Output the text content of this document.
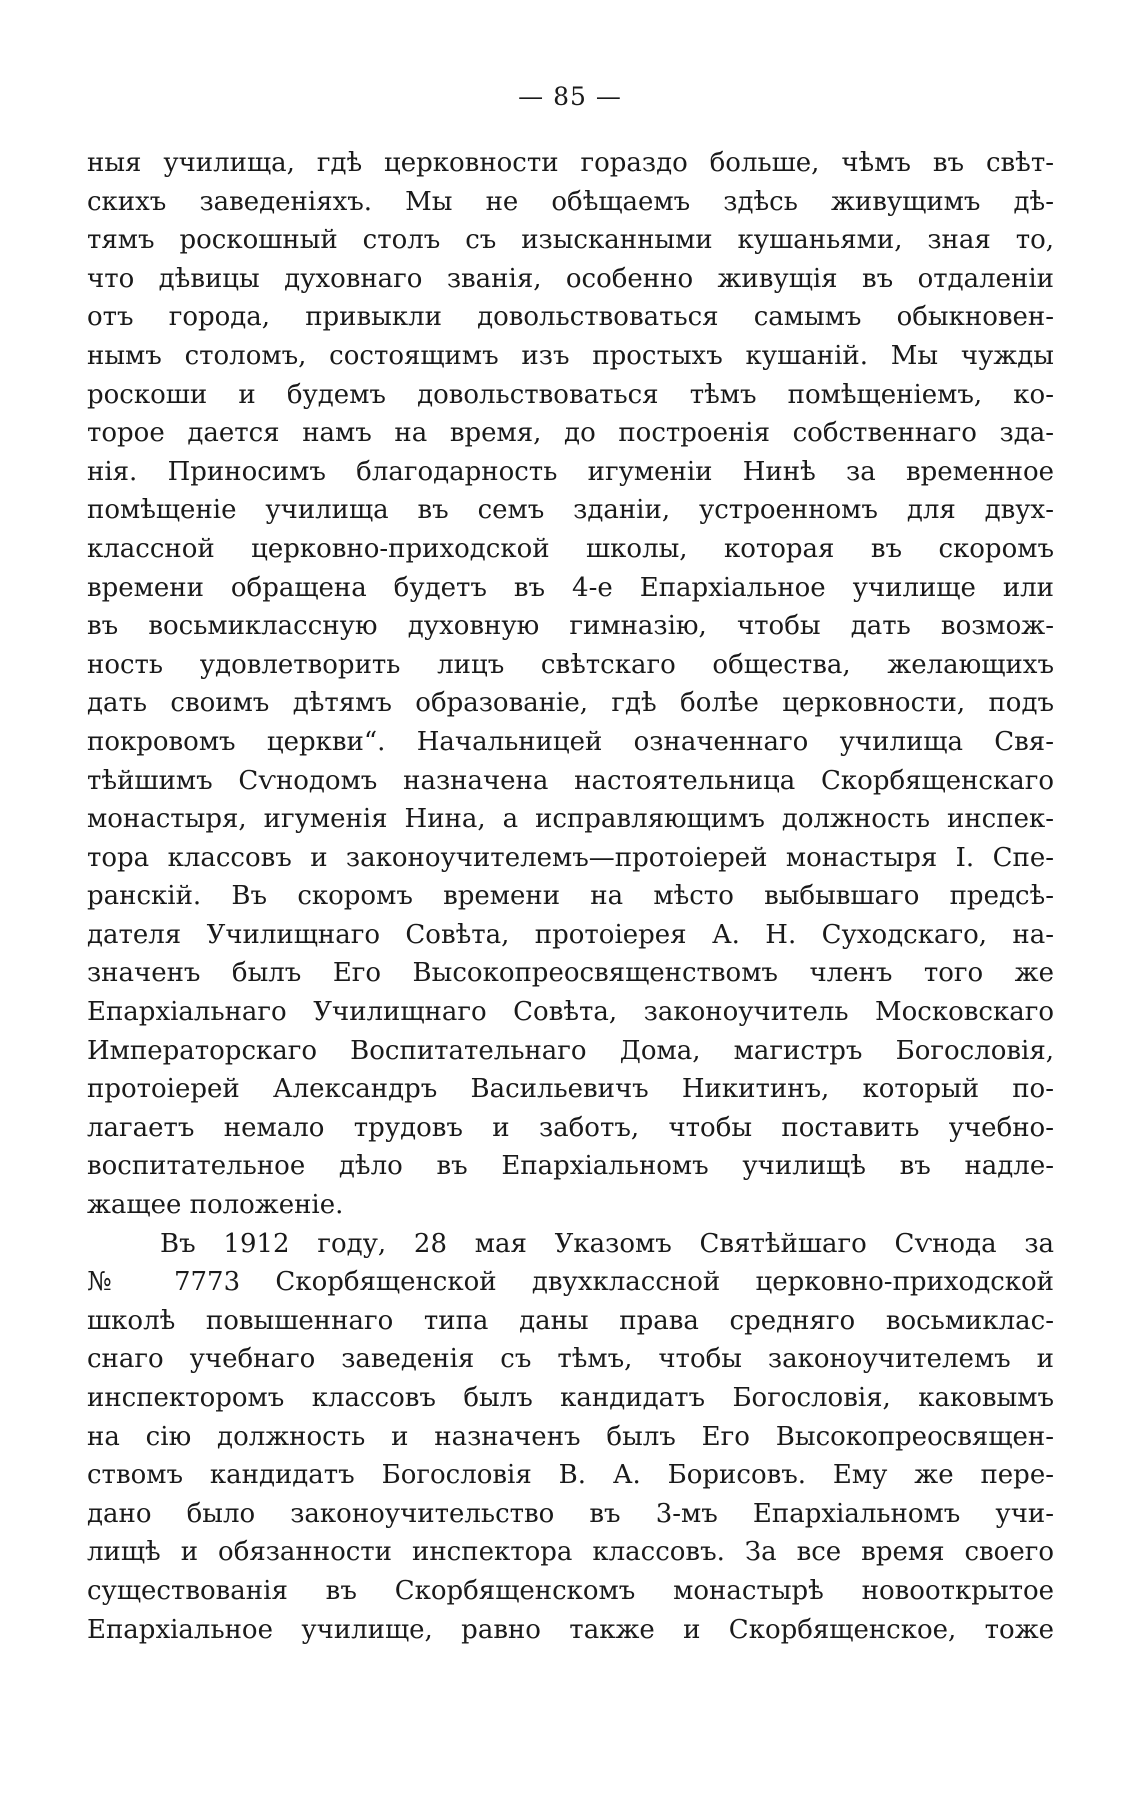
— 85 —
ныя училища, гдѣ церковности гораздо больше, чѣмъ въ свѣт-
скихъ заведеніяхъ. Мы не обѣщаемъ здѣсь живущимъ дѣ-
тямъ роскошный столъ съ изысканными кушаньями, зная то,
что дѣвицы духовнаго званія, особенно живущія въ отдаленіи
отъ города, привыкли довольствоваться самымъ обыкновен-
нымъ столомъ, состоящимъ изъ простыхъ кушаній. Мы чужды
роскоши и будемъ довольствоваться тѣмъ помѣщеніемъ, ко-
торое дается намъ на время, до построенія собственнаго зда-
нія. Приносимъ благодарность игуменіи Нинѣ за временное
помѣщеніе училища въ семъ зданіи, устроенномъ для двух-
классной церковно-приходской школы, которая въ скоромъ
времени обращена будетъ въ 4-е Епархіальное училище или
въ восьмиклассную духовную гимназію, чтобы дать возмож-
ность удовлетворить лицъ свѣтскаго общества, желающихъ
дать своимъ дѣтямъ образованіе, гдѣ болѣе церковности, подъ
покровомъ церкви“. Начальницей означеннаго училища Свя-
тѣйшимъ Сѵнодомъ назначена настоятельница Скорбященскаго
монастыря, игуменія Нина, а исправляющимъ должность инспек-
тора классовъ и законоучителемъ—протоіерей монастыря І. Спе-
ранскій. Въ скоромъ времени на мѣсто выбывшаго предсѣ-
дателя Училищнаго Совѣта, протоіерея А. Н. Суходскаго, на-
значенъ былъ Его Высокопреосвященствомъ членъ того же
Епархіальнаго Училищнаго Совѣта, законоучитель Московскаго
Императорскаго Воспитательнаго Дома, магистръ Богословія,
протоіерей Александръ Васильевичъ Никитинъ, который по-
лагаетъ немало трудовъ и заботъ, чтобы поставить учебно-
воспитательное дѣло въ Епархіальномъ училищѣ въ надле-
жащее положеніе.
Въ 1912 году, 28 мая Указомъ Святѣйшаго Сѵнода за
№ 7773 Скорбященской двухклассной церковно-приходской
школѣ повышеннаго типа даны права средняго восьмиклас-
снаго учебнаго заведенія съ тѣмъ, чтобы законоучителемъ и
инспекторомъ классовъ былъ кандидатъ Богословія, каковымъ
на сію должность и назначенъ былъ Его Высокопреосвящен-
ствомъ кандидатъ Богословія В. А. Борисовъ. Ему же пере-
дано было законоучительство въ 3-мъ Епархіальномъ учи-
лищѣ и обязанности инспектора классовъ. За все время своего
существованія въ Скорбященскомъ монастырѣ новооткрытое
Епархіальное училище, равно также и Скорбященское, тоже
